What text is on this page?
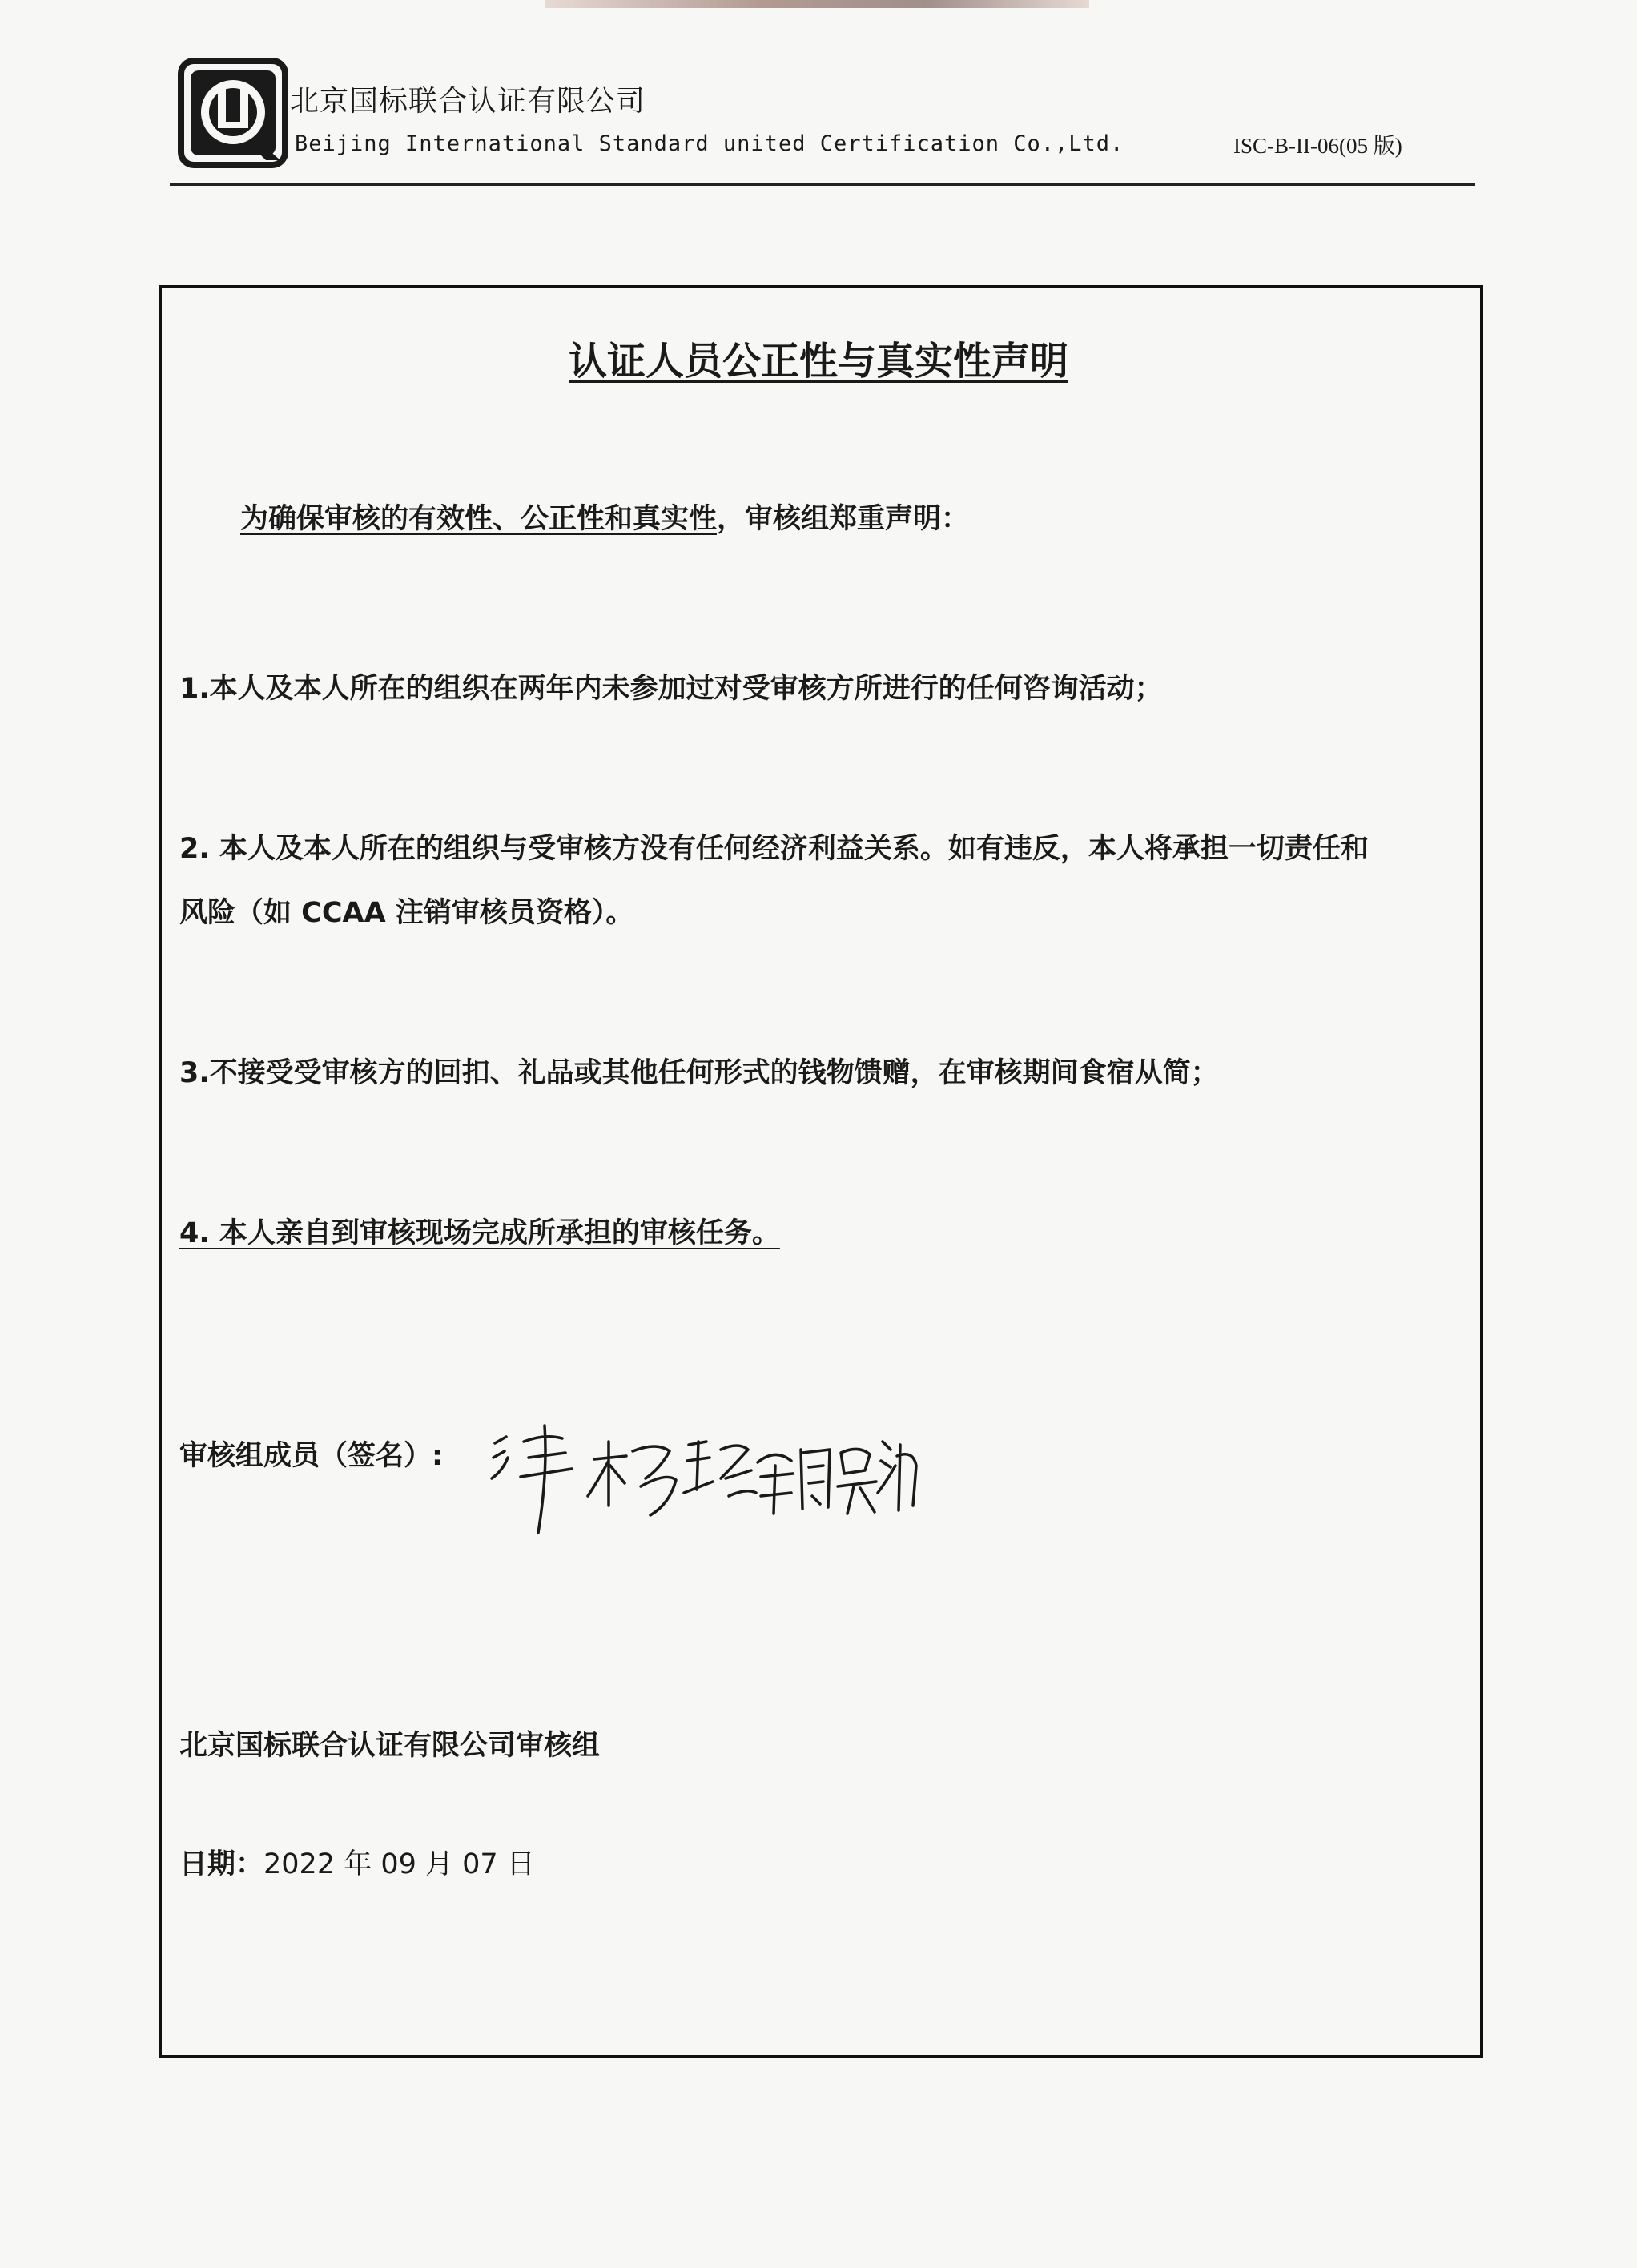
北京国标联合认证有限公司
Beijing International Standard united Certification Co.,Ltd.	ISC-B-II-06(05 版)
认证人员公正性与真实性声明
为确保审核的有效性、公正性和真实性，审核组郑重声明：
1.本人及本人所在的组织在两年内未参加过对受审核方所进行的任何咨询活动；
2. 本人及本人所在的组织与受审核方没有任何经济利益关系。如有违反，本人将承担一切责任和
风险（如 CCAA 注销审核员资格）。
3.不接受受审核方的回扣、礼品或其他任何形式的钱物馈赠，在审核期间食宿从简；
4. 本人亲自到审核现场完成所承担的审核任务。
审核组成员（签名）:
北京国标联合认证有限公司审核组
日期：2022 年 09 月 07 日
